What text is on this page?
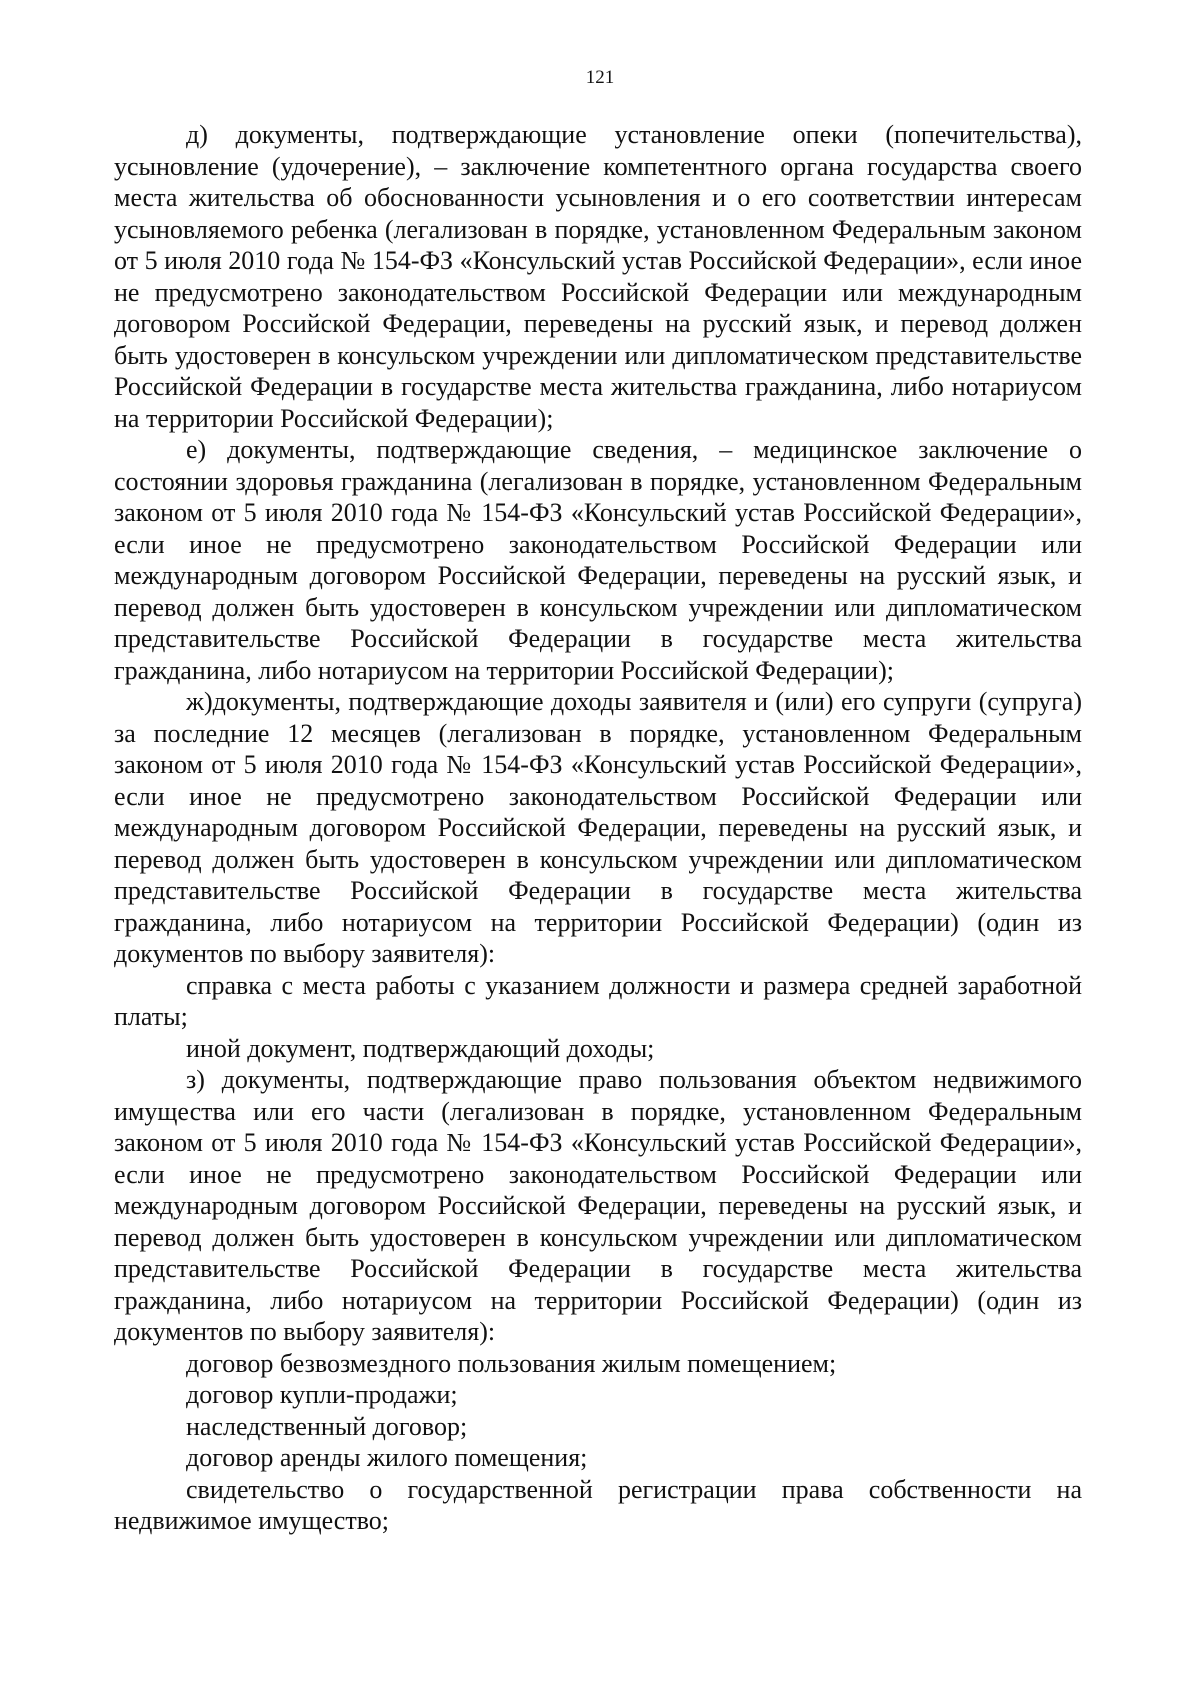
121

д) документы, подтверждающие установление опеки (попечительства), усыновление (удочерение), – заключение компетентного органа государства своего места жительства об обоснованности усыновления и о его соответствии интересам усыновляемого ребенка (легализован в порядке, установленном Федеральным законом от 5 июля 2010 года № 154-ФЗ «Консульский устав Российской Федерации», если иное не предусмотрено законодательством Российской Федерации или международным договором Российской Федерации, переведены на русский язык, и перевод должен быть удостоверен в консульском учреждении или дипломатическом представительстве Российской Федерации в государстве места жительства гражданина, либо нотариусом на территории Российской Федерации);

е) документы, подтверждающие сведения, – медицинское заключение о состоянии здоровья гражданина (легализован в порядке, установленном Федеральным законом от 5 июля 2010 года № 154-ФЗ «Консульский устав Российской Федерации», если иное не предусмотрено законодательством Российской Федерации или международным договором Российской Федерации, переведены на русский язык, и перевод должен быть удостоверен в консульском учреждении или дипломатическом представительстве Российской Федерации в государстве места жительства гражданина, либо нотариусом на территории Российской Федерации);

ж)документы, подтверждающие доходы заявителя и (или) его супруги (супруга) за последние 12 месяцев (легализован в порядке, установленном Федеральным законом от 5 июля 2010 года № 154-ФЗ «Консульский устав Российской Федерации», если иное не предусмотрено законодательством Российской Федерации или международным договором Российской Федерации, переведены на русский язык, и перевод должен быть удостоверен в консульском учреждении или дипломатическом представительстве Российской Федерации в государстве места жительства гражданина, либо нотариусом на территории Российской Федерации) (один из документов по выбору заявителя):

справка с места работы с указанием должности и размера средней заработной платы;

иной документ, подтверждающий доходы;

з) документы, подтверждающие право пользования объектом недвижимого имущества или его части (легализован в порядке, установленном Федеральным законом от 5 июля 2010 года № 154-ФЗ «Консульский устав Российской Федерации», если иное не предусмотрено законодательством Российской Федерации или международным договором Российской Федерации, переведены на русский язык, и перевод должен быть удостоверен в консульском учреждении или дипломатическом представительстве Российской Федерации в государстве места жительства гражданина, либо нотариусом на территории Российской Федерации) (один из документов по выбору заявителя):

договор безвозмездного пользования жилым помещением;

договор купли-продажи;

наследственный договор;

договор аренды жилого помещения;

свидетельство о государственной регистрации права собственности на недвижимое имущество;
